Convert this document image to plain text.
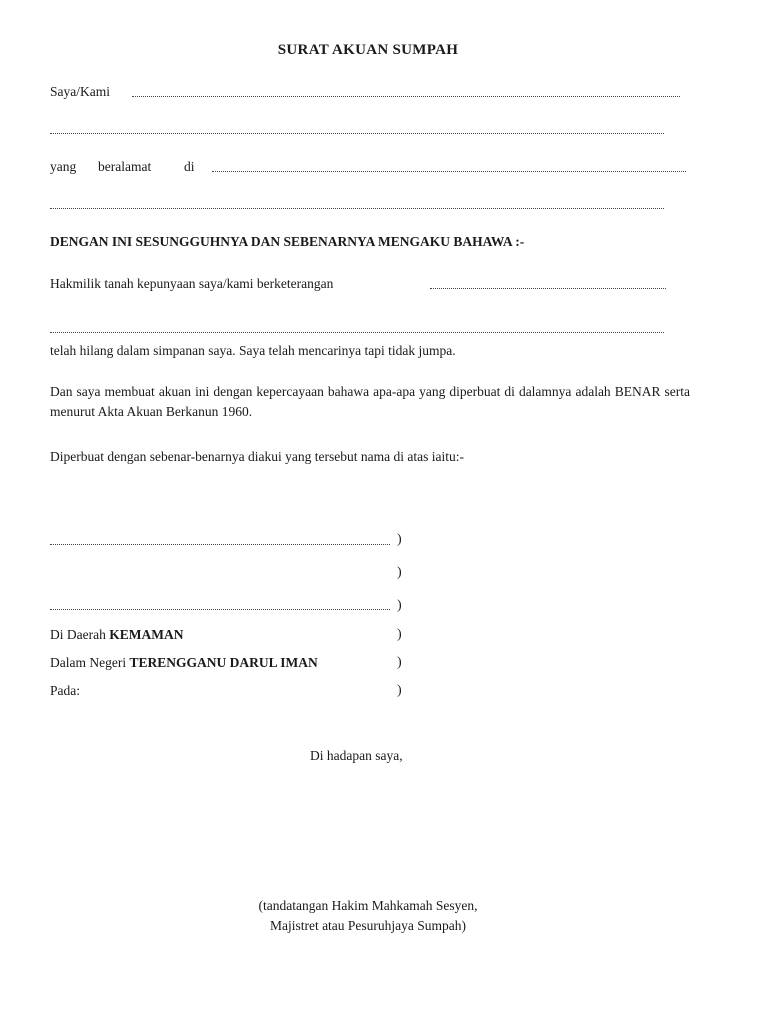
SURAT AKUAN SUMPAH
Saya/Kami
yang beralamat di
DENGAN INI SESUNGGUHNYA DAN SEBENARNYA MENGAKU BAHAWA :-
Hakmilik tanah kepunyaan saya/kami berketerangan
telah hilang dalam simpanan saya. Saya telah mencarinya tapi tidak jumpa.
Dan saya membuat akuan ini dengan kepercayaan bahawa apa-apa yang diperbuat di dalamnya adalah BENAR serta menurut Akta Akuan Berkanun 1960.
Diperbuat dengan sebenar-benarnya diakui yang tersebut nama di atas iaitu:-
)
)
)
Di Daerah KEMAMAN	)
Dalam Negeri TERENGGANU DARUL IMAN	)
Pada:	)
Di hadapan saya,
(tandatangan Hakim Mahkamah Sesyen,
Majistret atau Pesuruhjaya Sumpah)
